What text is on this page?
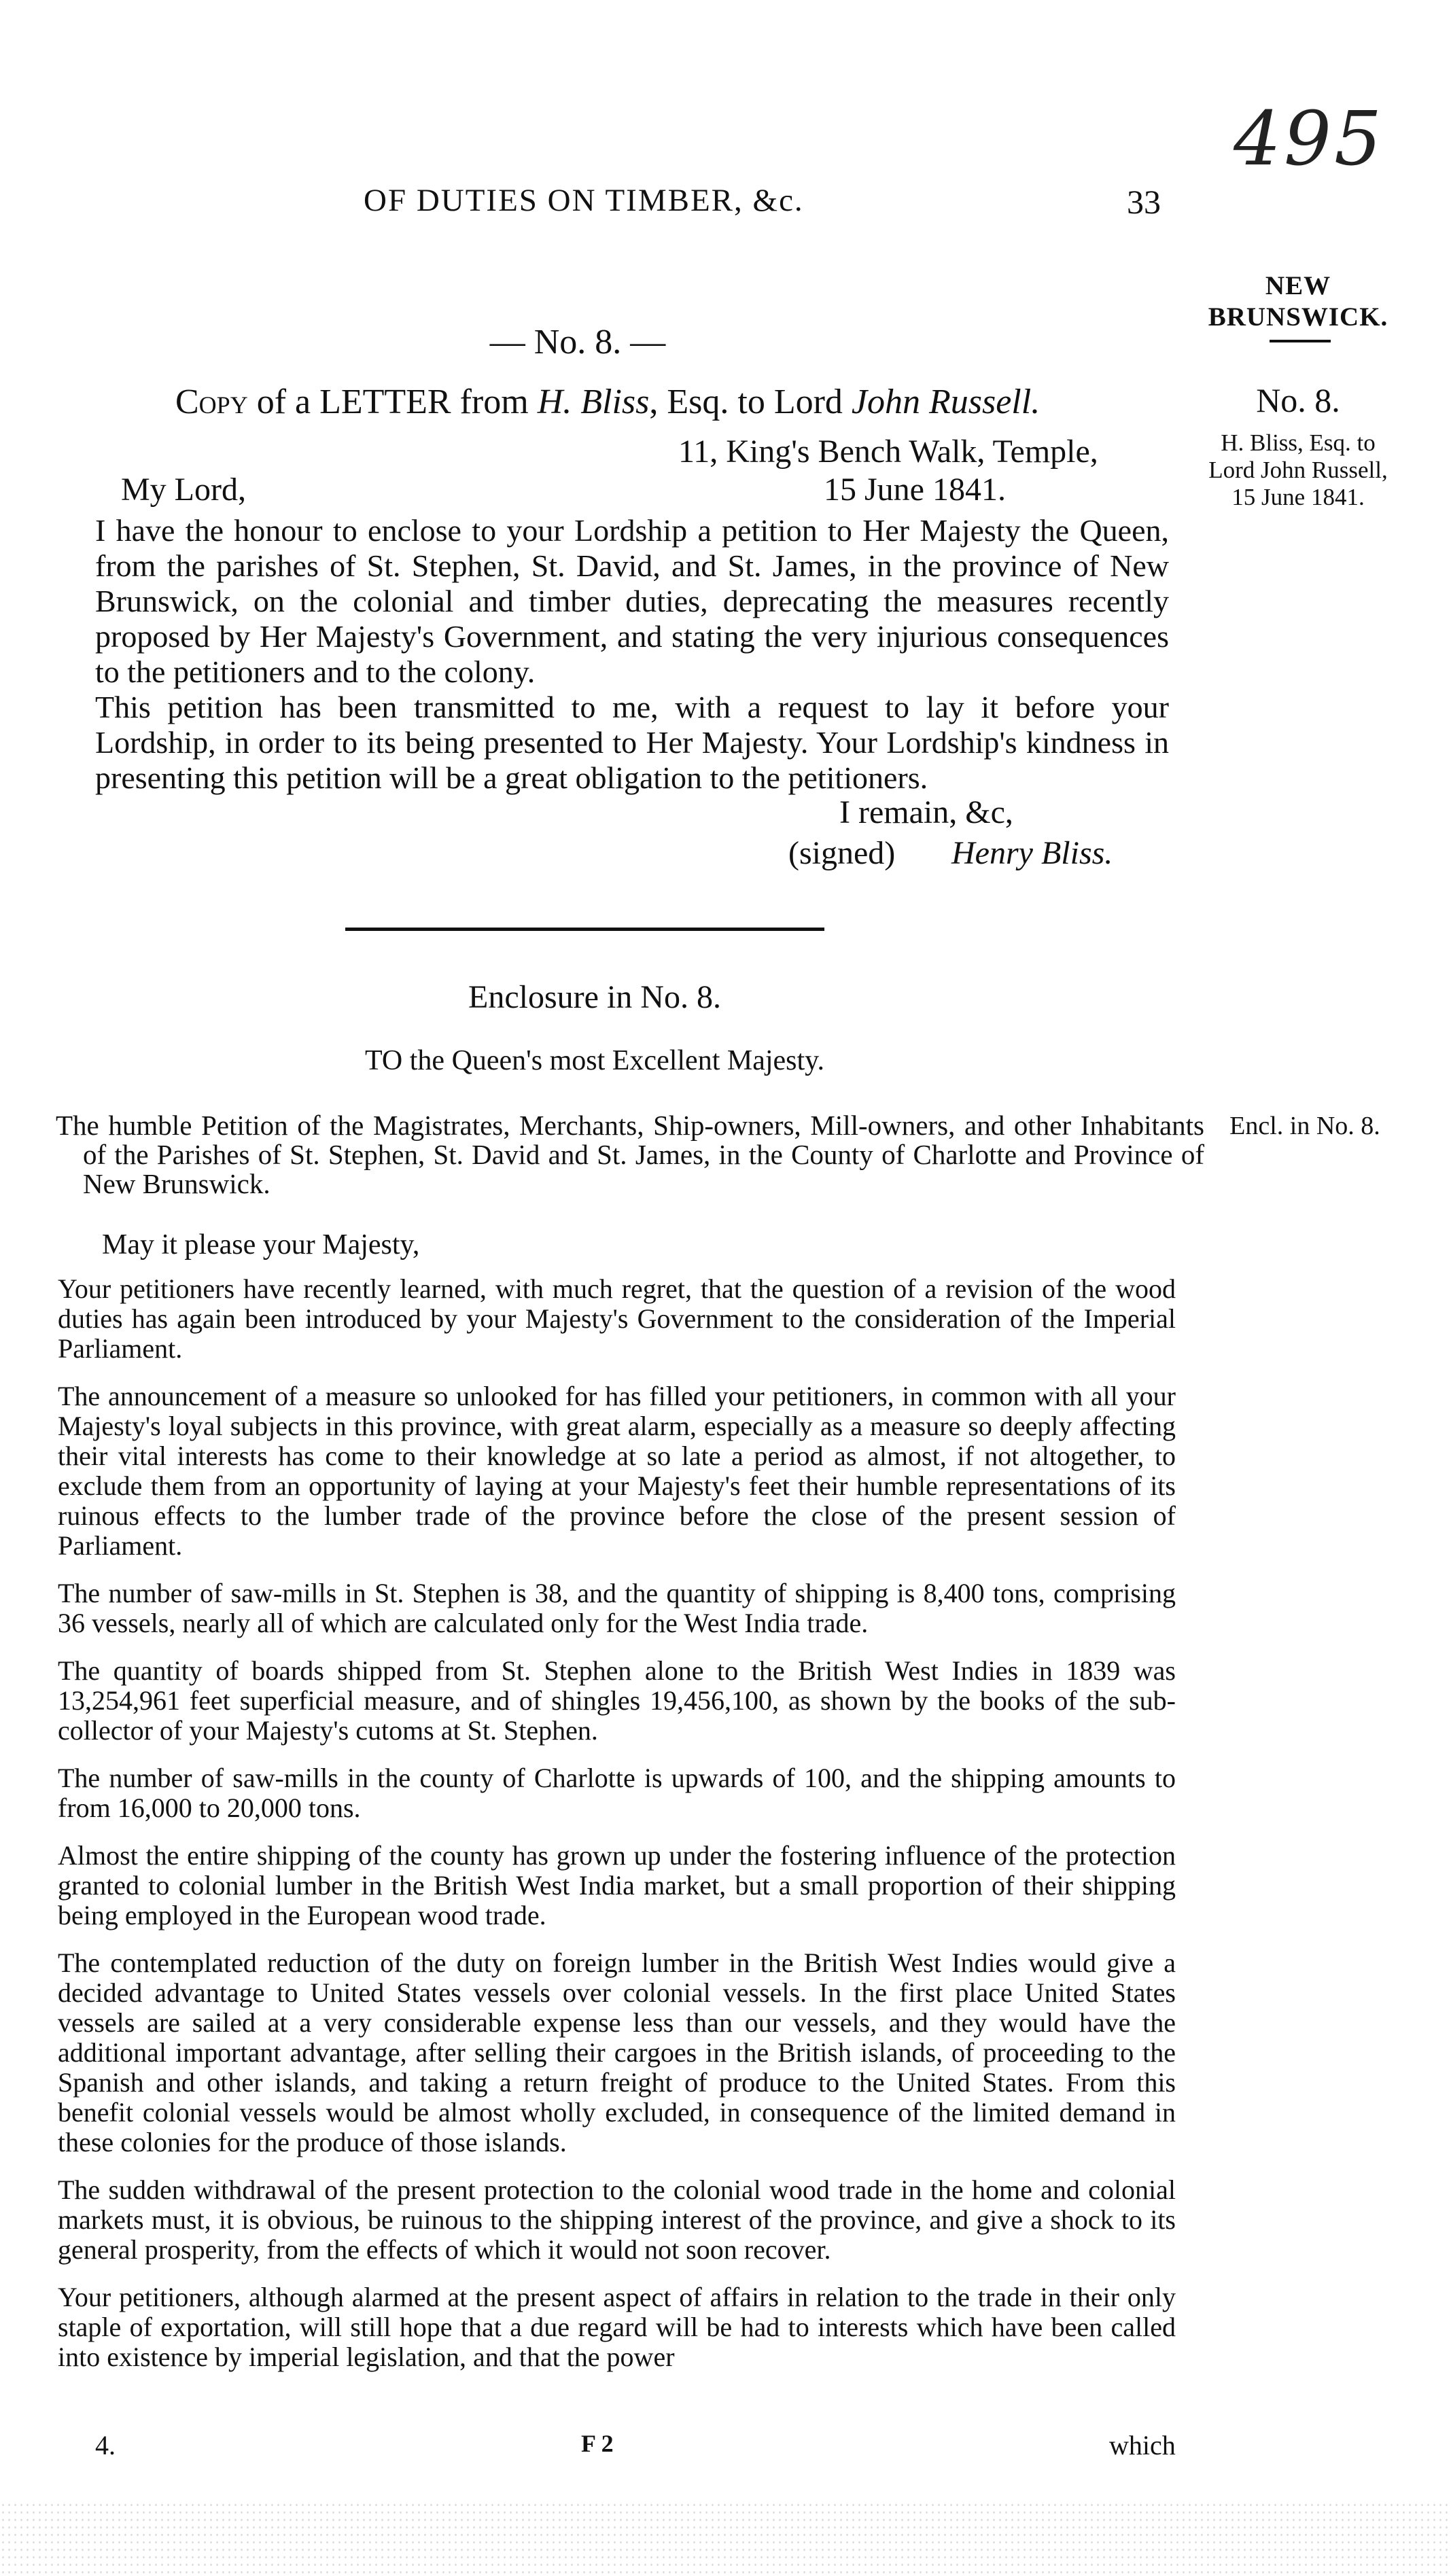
495
OF DUTIES ON TIMBER, &c.	33
NEW
BRUNSWICK.
No. 8.
H. Bliss, Esq. to
Lord John Russell,
15 June 1841.
Encl. in No. 8.
— No. 8. —
Copy of a LETTER from H. Bliss, Esq. to Lord John Russell.
11, King's Bench Walk, Temple,
My Lord,	15 June 1841.

I have the honour to enclose to your Lordship a petition to Her Majesty the Queen, from the parishes of St. Stephen, St. David, and St. James, in the province of New Brunswick, on the colonial and timber duties, deprecating the measures recently proposed by Her Majesty's Government, and stating the very injurious consequences to the petitioners and to the colony.

This petition has been transmitted to me, with a request to lay it before your Lordship, in order to its being presented to Her Majesty. Your Lordship's kindness in presenting this petition will be a great obligation to the petitioners.

I remain, &c,
(signed) Henry Bliss.
Enclosure in No. 8.
TO the Queen's most Excellent Majesty.
The humble Petition of the Magistrates, Merchants, Ship-owners, Mill-owners, and other Inhabitants of the Parishes of St. Stephen, St. David and St. James, in the County of Charlotte and Province of New Brunswick.
May it please your Majesty,

Your petitioners have recently learned, with much regret, that the question of a revision of the wood duties has again been introduced by your Majesty's Government to the consideration of the Imperial Parliament.

The announcement of a measure so unlooked for has filled your petitioners, in common with all your Majesty's loyal subjects in this province, with great alarm, especially as a measure so deeply affecting their vital interests has come to their knowledge at so late a period as almost, if not altogether, to exclude them from an opportunity of laying at your Majesty's feet their humble representations of its ruinous effects to the lumber trade of the province before the close of the present session of Parliament.

The number of saw-mills in St. Stephen is 38, and the quantity of shipping is 8,400 tons, comprising 36 vessels, nearly all of which are calculated only for the West India trade.

The quantity of boards shipped from St. Stephen alone to the British West Indies in 1839 was 13,254,961 feet superficial measure, and of shingles 19,456,100, as shown by the books of the sub-collector of your Majesty's cutoms at St. Stephen.

The number of saw-mills in the county of Charlotte is upwards of 100, and the shipping amounts to from 16,000 to 20,000 tons.

Almost the entire shipping of the county has grown up under the fostering influence of the protection granted to colonial lumber in the British West India market, but a small proportion of their shipping being employed in the European wood trade.

The contemplated reduction of the duty on foreign lumber in the British West Indies would give a decided advantage to United States vessels over colonial vessels. In the first place United States vessels are sailed at a very considerable expense less than our vessels, and they would have the additional important advantage, after selling their cargoes in the British islands, of proceeding to the Spanish and other islands, and taking a return freight of produce to the United States. From this benefit colonial vessels would be almost wholly excluded, in consequence of the limited demand in these colonies for the produce of those islands.

The sudden withdrawal of the present protection to the colonial wood trade in the home and colonial markets must, it is obvious, be ruinous to the shipping interest of the province, and give a shock to its general prosperity, from the effects of which it would not soon recover.

Your petitioners, although alarmed at the present aspect of affairs in relation to the trade in their only staple of exportation, will still hope that a due regard will be had to interests which have been called into existence by imperial legislation, and that the power

4.	F 2	which
